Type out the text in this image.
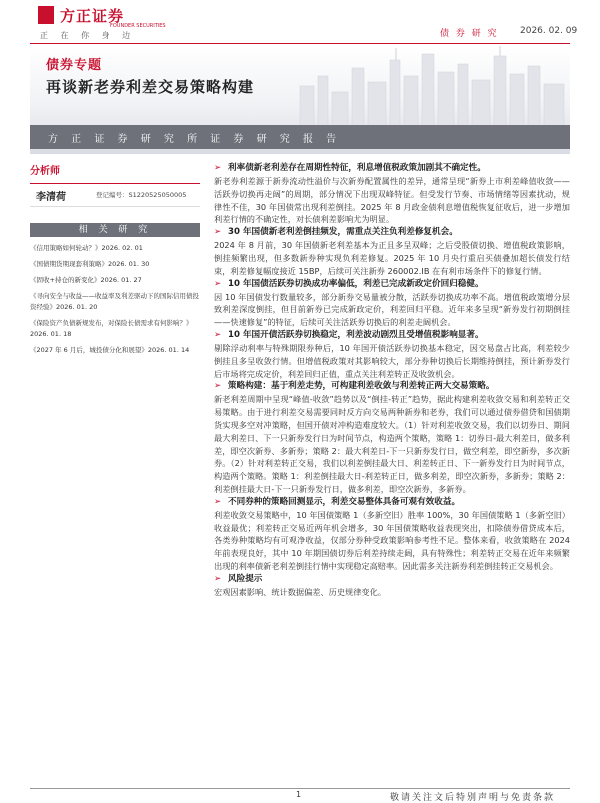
方正证券
FOUNDER SECURITIES
正 在 你 身 边	债 券 研 究 2026. 02. 09
债券专题
再谈新老券利差交易策略构建
方 正 证 券 研 究 所 证 券 研 究 报 告
分析师
李清荷	登记编号：S1220525050005
相 关 研 究
《信用策略如何轮动？》2026. 02. 01
《国债期货期现套利策略》2026. 01. 30
《固收+持仓的新变化》2026. 01. 27
《寻向安全与收益——收益率及利差驱动下的国际信用债投资经验》2026. 01. 20
《保险资产负债新规发布，对保险长债需求有何影响？》2026. 01. 18
《2027 年 6 月后，城投债分化和展望》2026. 01. 14
➢ 利率债新老利差存在周期性特征，利息增值税政策加剧其不确定性。
新老券利差源于新券流动性溢价与次新券配置属性的差异，通常呈现“新券上市利差峰值收敛——活跃券切换再走阔”的周期，部分情况下出现双峰特征。但受发行节奏、市场情绪等因素扰动，规律性不佳，30 年国债常出现利差倒挂。2025 年 8 月政金债利息增值税恢复征收后，进一步增加利差行情的不确定性，对长债利差影响尤为明显。
➢ 30 年国债新老利差倒挂频发，需重点关注负利差修复机会。
2024 年 8 月前，30 年国债新老利差基本为正且多呈双峰；之后受股债切换、增值税政策影响，倒挂频繁出现，但多数新券种实现负利差修复。2025 年 10 月央行重启买债叠加超长债发行结束，利差修复幅度接近 15BP，后续可关注新券 260002.IB 在有利市场条件下的修复行情。
➢ 10 年国债活跃券切换成功率偏低，利差已完成新政定价回归稳健。
因 10 年国债发行数量较多，部分新券交易量被分散，活跃券切换成功率不高。增值税政策增分层致利差深度倒挂，但目前新券已完成新政定价，利差回归平稳。近年来多呈现“新券发行初期倒挂——快速修复”的特征，后续可关注活跃券切换后的利差走阔机会。
➢ 10 年国开债活跃券切换稳定，利差波动剧烈且受增值税影响显著。
剔除浮动利率与特殊期限券种后，10 年国开债活跃券切换基本稳定，因交易盘占比高，利差较少倒挂且多呈收敛行情。但增值税政策对其影响较大，部分券种切换后长期维持倒挂，预计新券发行后市场将完成定价，利差回归正值，重点关注利差转正及收敛机会。
➢ 策略构建：基于利差走势，可构建利差收敛与利差转正两大交易策略。
新老利差周期中呈现“峰值-收敛”趋势以及“倒挂-转正”趋势，据此构建利差收敛交易和利差转正交易策略。由于进行利差交易需要同时反方向交易两种新券和老券，我们可以通过债券借贷和国债期货实现多空对冲策略，但国开债对冲构造难度较大。（1）针对利差收敛交易，我们以切券日、期间最大利差日、下一只新券发行日为时间节点，构造两个策略，策略 1：切券日-最大利差日，做多利差，即空次新券、多新券；策略 2：最大利差日-下一只新券发行日，做空利差，即空新券，多次新券。（2）针对利差转正交易，我们以利差倒挂最大日、利差转正日、下一新券发行日为时间节点，构造两个策略。策略 1：利差倒挂最大日-利差转正日，做多利差，即空次新券，多新券；策略 2：利差倒挂最大日-下一只新券发行日，做多利差，即空次新券，多新券。
➢ 不同券种的策略回测显示，利差交易整体具备可观有效收益。
利差收敛交易策略中，10 年国债策略 1（多新空旧）胜率 100%，30 年国债策略 1（多新空旧）收益最优；利差转正交易近两年机会增多，30 年国债策略收益表现突出，扣除债券借贷成本后，各类券种策略均有可观净收益，仅部分券种受政策影响参考性不足。整体来看，收敛策略在 2024 年前表现良好，其中 10 年期国债切券后利差持续走阔，具有特殊性；利差转正交易在近年来频繁出现的利率债新老利差倒挂行情中实现稳定高赔率。因此需多关注新券利差倒挂转正交易机会。
➢ 风险提示
宏观因素影响、统计数据偏差、历史规律变化。
1	敬请关注文后特别声明与免责条款
